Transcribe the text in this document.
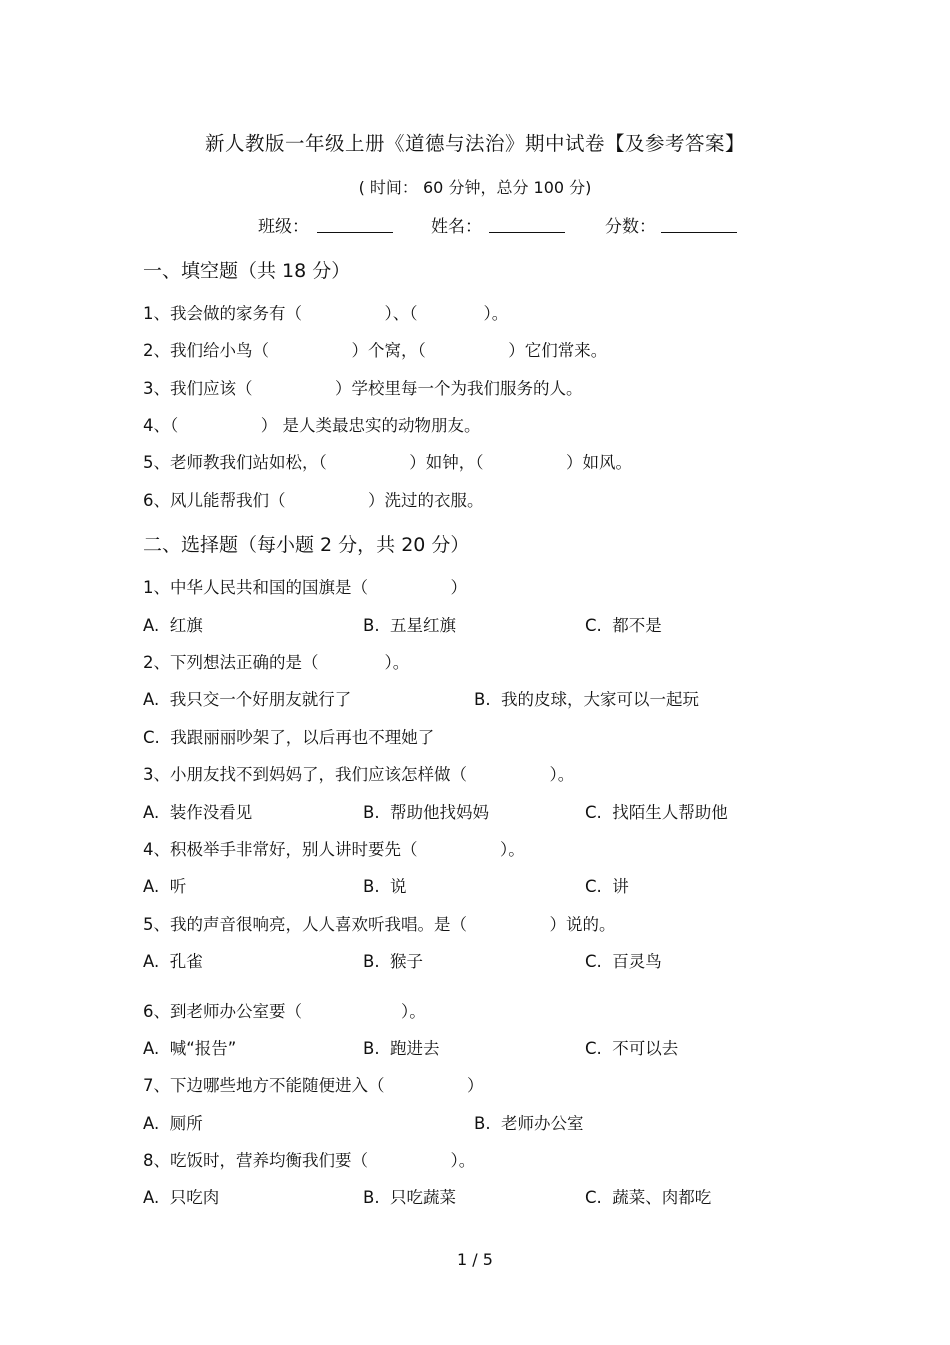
新人教版一年级上册《道德与法治》期中试卷【及参考答案】
( 时间： 60 分钟，总分 100 分)
班级：	姓名：	分数：
一、填空题（共 18 分）
1、我会做的家务有（　　　　　）、（　　　　）。
2、我们给小鸟（　　　　　）个窝，（　　　　　）它们常来。
3、我们应该（　　　　　）学校里每一个为我们服务的人。
4、（　　　　　） 是人类最忠实的动物朋友。
5、老师教我们站如松，（　　　　　）如钟，（　　　　　）如风。
6、风儿能帮我们（　　　　　）洗过的衣服。
二、选择题（每小题 2 分，共 20 分）
1、中华人民共和国的国旗是（　　　　　）
A.  红旗	B.  五星红旗	C.  都不是
2、下列想法正确的是（　　　　）。
A.  我只交一个好朋友就行了	B.  我的皮球，大家可以一起玩
C.  我跟丽丽吵架了，以后再也不理她了
3、小朋友找不到妈妈了，我们应该怎样做（　　　　　）。
A.  装作没看见	B.  帮助他找妈妈	C.  找陌生人帮助他
4、积极举手非常好，别人讲时要先（　　　　　）。
A.  听	B.  说	C.  讲
5、我的声音很响亮，人人喜欢听我唱。是（　　　　　）说的。
A.  孔雀	B.  猴子	C.  百灵鸟
6、到老师办公室要（　　　　　　）。
A.  喊“报告”	B.  跑进去	C.  不可以去
7、下边哪些地方不能随便进入（　　　　　）
A.  厕所	B.  老师办公室
8、吃饭时，营养均衡我们要（　　　　　）。
A.  只吃肉	B.  只吃蔬菜	C.  蔬菜、肉都吃
1 / 5
